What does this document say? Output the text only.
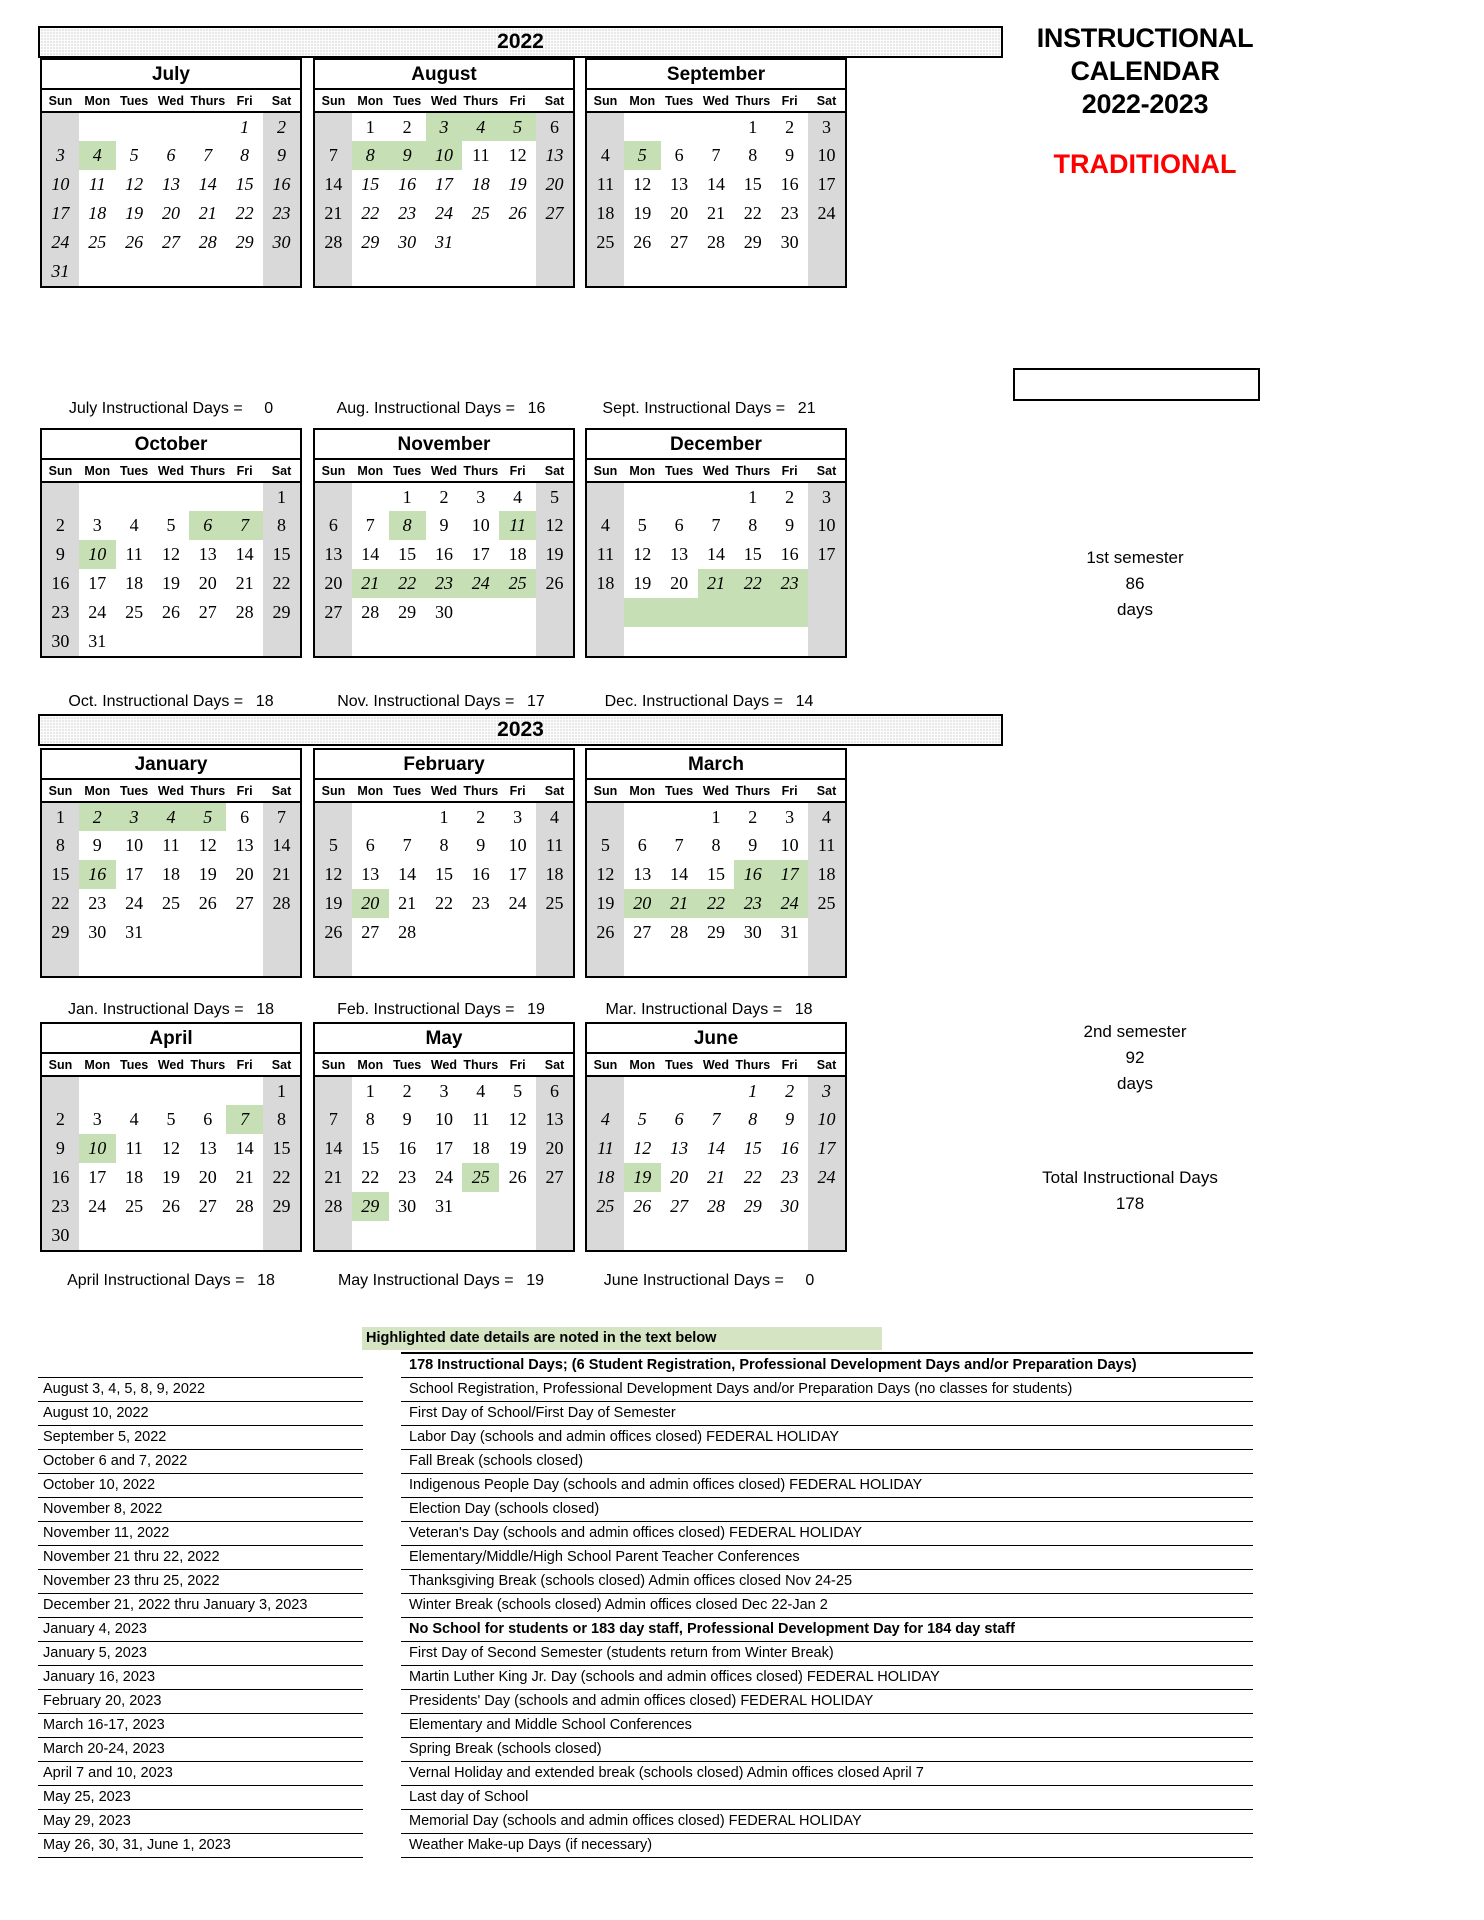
INSTRUCTIONAL
CALENDAR
2022-2023
TRADITIONAL
1st semester
86
days
2nd semester
92
days
Total Instructional Days
178
2022
2023
July
Sun	Mon	Tues	Wed	Thurs	Fri	Sat
					1	2
3	4	5	6	7	8	9
10	11	12	13	14	15	16
17	18	19	20	21	22	23
24	25	26	27	28	29	30
31						
July Instructional Days = 0
August
Sun	Mon	Tues	Wed	Thurs	Fri	Sat
	1	2	3	4	5	6
7	8	9	10	11	12	13
14	15	16	17	18	19	20
21	22	23	24	25	26	27
28	29	30	31			

Aug. Instructional Days = 16
September
Sun	Mon	Tues	Wed	Thurs	Fri	Sat
				1	2	3
4	5	6	7	8	9	10
11	12	13	14	15	16	17
18	19	20	21	22	23	24
25	26	27	28	29	30	

Sept. Instructional Days = 21
October
Sun	Mon	Tues	Wed	Thurs	Fri	Sat
						1
2	3	4	5	6	7	8
9	10	11	12	13	14	15
16	17	18	19	20	21	22
23	24	25	26	27	28	29
30	31					
Oct. Instructional Days = 18
November
Sun	Mon	Tues	Wed	Thurs	Fri	Sat
		1	2	3	4	5
6	7	8	9	10	11	12
13	14	15	16	17	18	19
20	21	22	23	24	25	26
27	28	29	30			

Nov. Instructional Days = 17
December
Sun	Mon	Tues	Wed	Thurs	Fri	Sat
				1	2	3
4	5	6	7	8	9	10
11	12	13	14	15	16	17
18	19	20	21	22	23	

Dec. Instructional Days = 14
January
Sun	Mon	Tues	Wed	Thurs	Fri	Sat
1	2	3	4	5	6	7
8	9	10	11	12	13	14
15	16	17	18	19	20	21
22	23	24	25	26	27	28
29	30	31				

Jan. Instructional Days = 18
February
Sun	Mon	Tues	Wed	Thurs	Fri	Sat
			1	2	3	4
5	6	7	8	9	10	11
12	13	14	15	16	17	18
19	20	21	22	23	24	25
26	27	28				

Feb. Instructional Days = 19
March
Sun	Mon	Tues	Wed	Thurs	Fri	Sat
			1	2	3	4
5	6	7	8	9	10	11
12	13	14	15	16	17	18
19	20	21	22	23	24	25
26	27	28	29	30	31	

Mar. Instructional Days = 18
April
Sun	Mon	Tues	Wed	Thurs	Fri	Sat
						1
2	3	4	5	6	7	8
9	10	11	12	13	14	15
16	17	18	19	20	21	22
23	24	25	26	27	28	29
30						
April Instructional Days = 18
May
Sun	Mon	Tues	Wed	Thurs	Fri	Sat
	1	2	3	4	5	6
7	8	9	10	11	12	13
14	15	16	17	18	19	20
21	22	23	24	25	26	27
28	29	30	31			

May Instructional Days = 19
June
Sun	Mon	Tues	Wed	Thurs	Fri	Sat
				1	2	3
4	5	6	7	8	9	10
11	12	13	14	15	16	17
18	19	20	21	22	23	24
25	26	27	28	29	30	

June Instructional Days = 0
Highlighted date details are noted in the text below
		178 Instructional Days; (6 Student Registration, Professional Development Days and/or Preparation Days)
August 3, 4, 5, 8, 9, 2022		School Registration, Professional Development Days and/or Preparation Days (no classes for students)
August 10, 2022		First Day of School/First Day of Semester
September 5, 2022		Labor Day (schools and admin offices closed) FEDERAL HOLIDAY
October 6 and 7, 2022		Fall Break (schools closed)
October 10, 2022		Indigenous People Day (schools and admin offices closed) FEDERAL HOLIDAY
November 8, 2022		Election Day (schools closed)
November 11, 2022		Veteran's Day (schools and admin offices closed) FEDERAL HOLIDAY
November 21 thru 22, 2022		Elementary/Middle/High School Parent Teacher Conferences
November 23 thru 25, 2022		Thanksgiving Break (schools closed) Admin offices closed Nov 24-25
December 21, 2022 thru January 3, 2023		Winter Break (schools closed) Admin offices closed Dec 22-Jan 2
January 4, 2023		No School for students or 183 day staff, Professional Development Day for 184 day staff
January 5, 2023		First Day of Second Semester (students return from Winter Break)
January 16, 2023		Martin Luther King Jr. Day (schools and admin offices closed) FEDERAL HOLIDAY
February 20, 2023		Presidents' Day (schools and admin offices closed) FEDERAL HOLIDAY
March 16-17, 2023		Elementary and Middle School Conferences
March 20-24, 2023		Spring Break (schools closed)
April 7 and 10, 2023		Vernal Holiday and extended break (schools closed) Admin offices closed April 7
May 25, 2023		Last day of School
May 29, 2023		Memorial Day (schools and admin offices closed) FEDERAL HOLIDAY
May 26, 30, 31, June 1, 2023		Weather Make-up Days (if necessary)
